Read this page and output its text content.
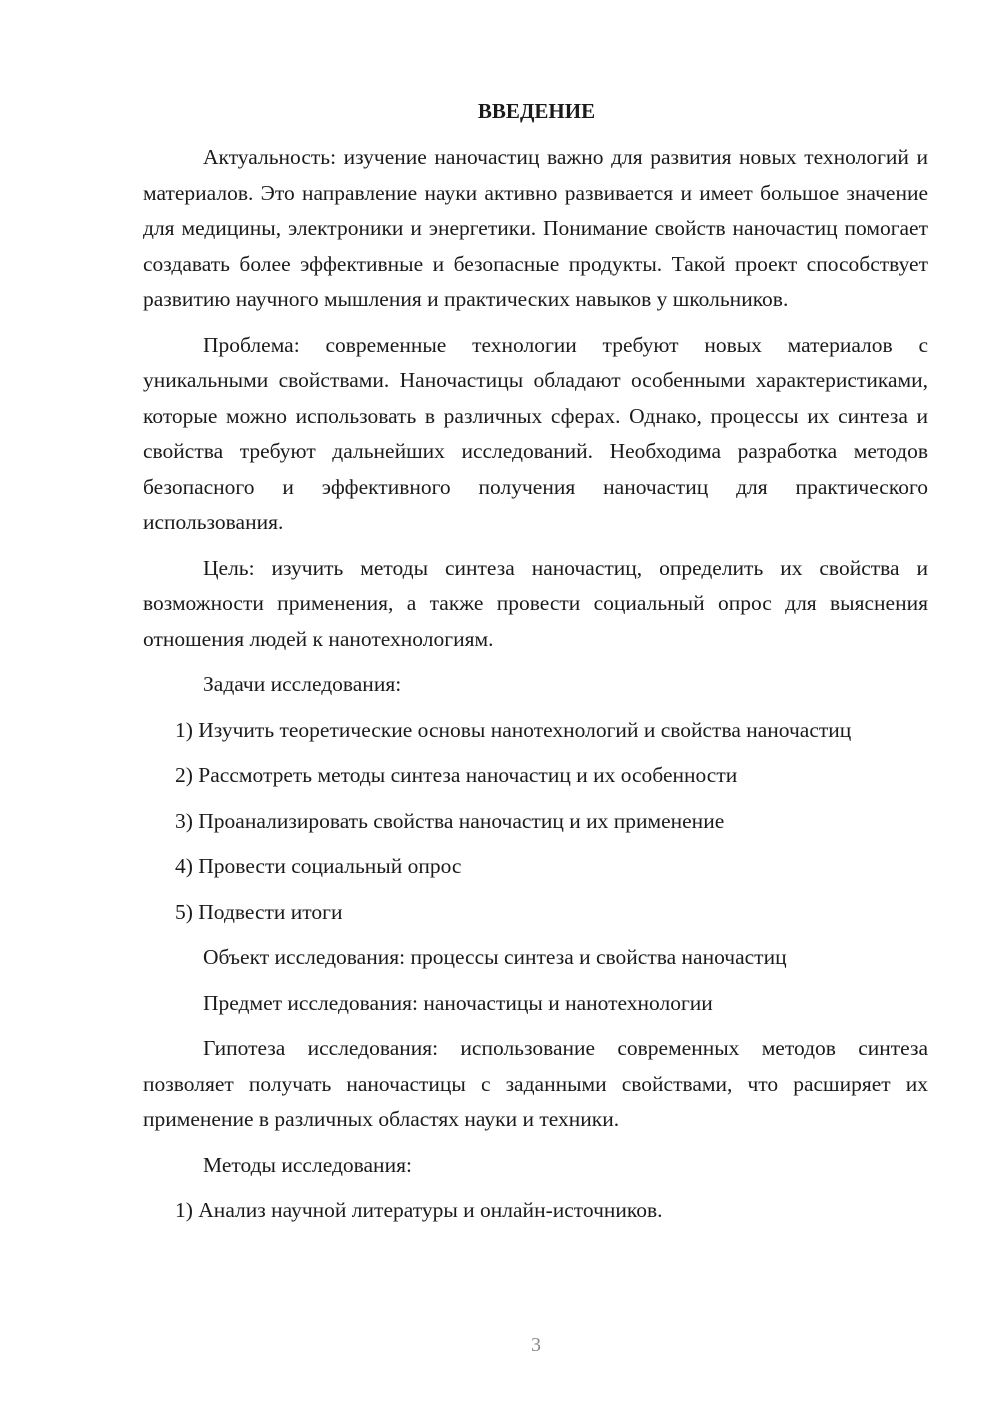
ВВЕДЕНИЕ

Актуальность: изучение наночастиц важно для развития новых технологий и материалов. Это направление науки активно развивается и имеет большое значение для медицины, электроники и энергетики. Понимание свойств наночастиц помогает создавать более эффективные и безопасные продукты. Такой проект способствует развитию научного мышления и практических навыков у школьников.

Проблема: современные технологии требуют новых материалов с уникальными свойствами. Наночастицы обладают особенными характеристиками, которые можно использовать в различных сферах. Однако, процессы их синтеза и свойства требуют дальнейших исследований. Необходима разработка методов безопасного и эффективного получения наночастиц для практического использования.

Цель: изучить методы синтеза наночастиц, определить их свойства и возможности применения, а также провести социальный опрос для выяснения отношения людей к нанотехнологиям.

Задачи исследования:

1) Изучить теоретические основы нанотехнологий и свойства наночастиц

2) Рассмотреть методы синтеза наночастиц и их особенности

3) Проанализировать свойства наночастиц и их применение

4) Провести социальный опрос

5) Подвести итоги

Объект исследования: процессы синтеза и свойства наночастиц

Предмет исследования: наночастицы и нанотехнологии

Гипотеза исследования: использование современных методов синтеза позволяет получать наночастицы с заданными свойствами, что расширяет их применение в различных областях науки и техники.

Методы исследования:

1) Анализ научной литературы и онлайн-источников.

3
